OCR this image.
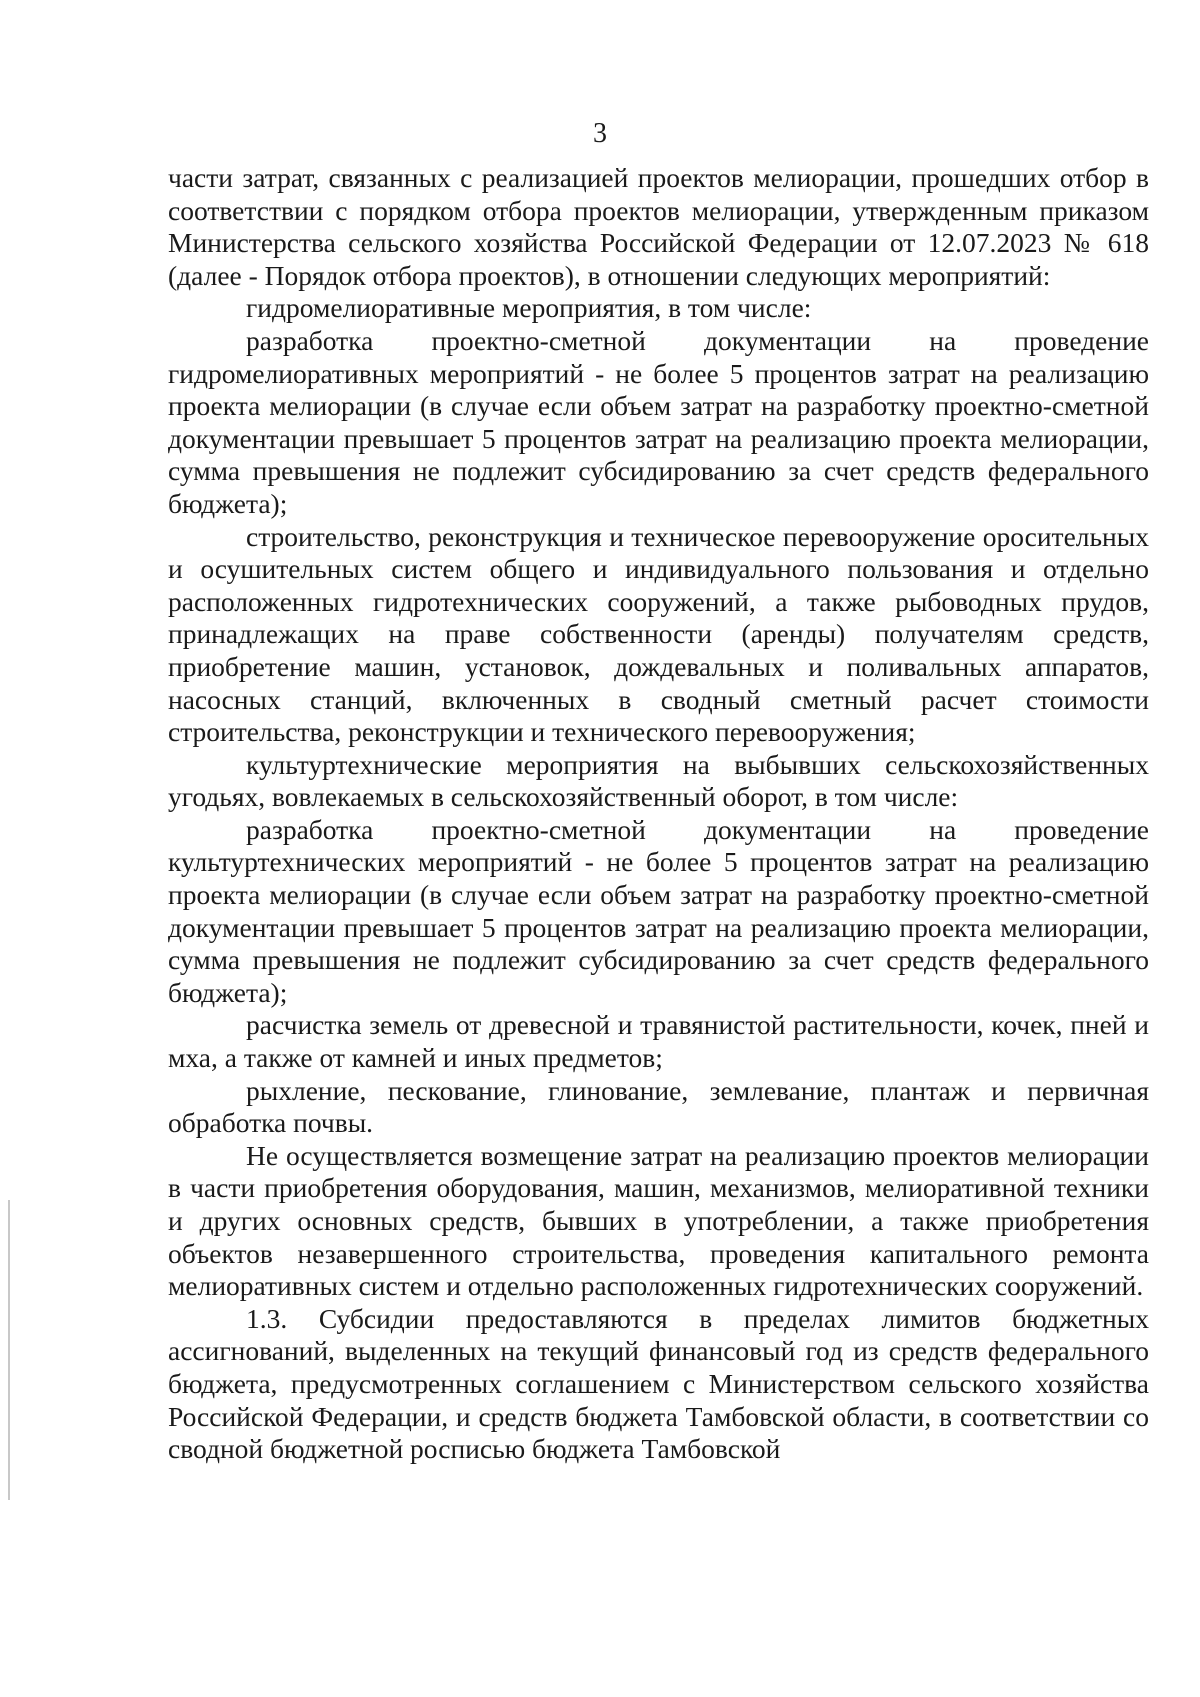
3

части затрат, связанных с реализацией проектов мелиорации, прошедших отбор в соответствии с порядком отбора проектов мелиорации, утвержденным приказом Министерства сельского хозяйства Российской Федерации от 12.07.2023 № 618 (далее - Порядок отбора проектов), в отношении следующих мероприятий:

гидромелиоративные мероприятия, в том числе:

разработка проектно-сметной документации на проведение гидромелиоративных мероприятий - не более 5 процентов затрат на реализацию проекта мелиорации (в случае если объем затрат на разработку проектно-сметной документации превышает 5 процентов затрат на реализацию проекта мелиорации, сумма превышения не подлежит субсидированию за счет средств федерального бюджета);

строительство, реконструкция и техническое перевооружение оросительных и осушительных систем общего и индивидуального пользования и отдельно расположенных гидротехнических сооружений, а также рыбоводных прудов, принадлежащих на праве собственности (аренды) получателям средств, приобретение машин, установок, дождевальных и поливальных аппаратов, насосных станций, включенных в сводный сметный расчет стоимости строительства, реконструкции и технического перевооружения;

культуртехнические мероприятия на выбывших сельскохозяйственных угодьях, вовлекаемых в сельскохозяйственный оборот, в том числе:

разработка проектно-сметной документации на проведение культуртехнических мероприятий - не более 5 процентов затрат на реализацию проекта мелиорации (в случае если объем затрат на разработку проектно-сметной документации превышает 5 процентов затрат на реализацию проекта мелиорации, сумма превышения не подлежит субсидированию за счет средств федерального бюджета);

расчистка земель от древесной и травянистой растительности, кочек, пней и мха, а также от камней и иных предметов;

рыхление, пескование, глинование, землевание, плантаж и первичная обработка почвы.

Не осуществляется возмещение затрат на реализацию проектов мелиорации в части приобретения оборудования, машин, механизмов, мелиоративной техники и других основных средств, бывших в употреблении, а также приобретения объектов незавершенного строительства, проведения капитального ремонта мелиоративных систем и отдельно расположенных гидротехнических сооружений.

1.3. Субсидии предоставляются в пределах лимитов бюджетных ассигнований, выделенных на текущий финансовый год из средств федерального бюджета, предусмотренных соглашением с Министерством сельского хозяйства Российской Федерации, и средств бюджета Тамбовской области, в соответствии со сводной бюджетной росписью бюджета Тамбовской
